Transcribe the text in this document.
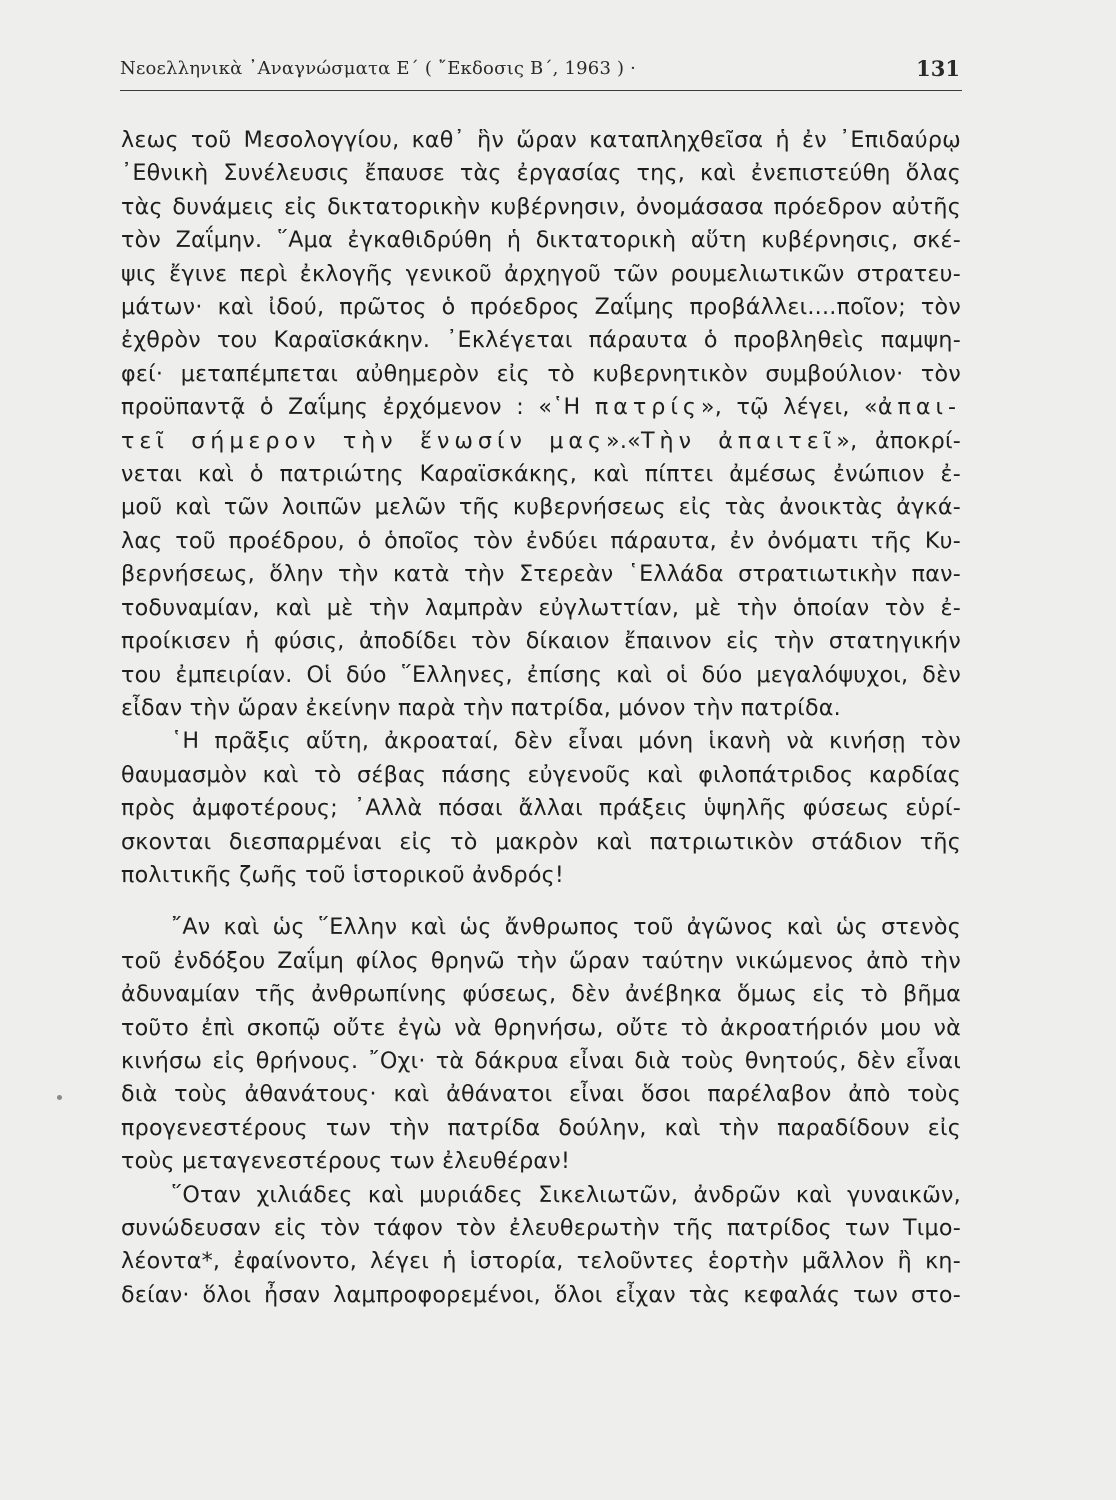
Νεοελληνικὰ ᾽Αναγνώσματα Ε´ ( ῎Εκδοσις Β´, 1963 ) ·	131

λεως τοῦ Μεσολογγίου, καθ᾽ ἣν ὥραν καταπληχθεῖσα ἡ ἐν ᾽Επιδαύρῳ

᾽Εθνικὴ Συνέλευσις ἔπαυσε τὰς ἐργασίας της, καὶ ἐνεπιστεύθη ὅλας

τὰς δυνάμεις εἰς δικτατορικὴν κυβέρνησιν, ὀνομάσασα πρόεδρον αὐτῆς

τὸν Ζαΐμην. ῞Αμα ἐγκαθιδρύθη ἡ δικτατορικὴ αὕτη κυβέρνησις, σκέ-

ψις ἔγινε περὶ ἐκλογῆς γενικοῦ ἀρχηγοῦ τῶν ρουμελιωτικῶν στρατευ-

μάτων· καὶ ἰδού, πρῶτος ὁ πρόεδρος Ζαΐμης προβάλλει....ποῖον; τὸν

ἐχθρὸν του Καραϊσκάκην. ᾽Εκλέγεται πάραυτα ὁ προβληθεὶς παμψη-

φεί· μεταπέμπεται αὐθημερὸν εἰς τὸ κυβερνητικὸν συμβούλιον· τὸν

προϋπαντᾷ ὁ Ζαΐμης ἐρχόμενον : «῾Η πατρίς», τῷ λέγει, «ἀπαι-

τεῖ σήμερον τὴν ἕνωσίν μας».«Τὴν ἀπαιτεῖ», ἀποκρί-

νεται καὶ ὁ πατριώτης Καραϊσκάκης, καὶ πίπτει ἀμέσως ἐνώπιον ἐ-

μοῦ καὶ τῶν λοιπῶν μελῶν τῆς κυβερνήσεως εἰς τὰς ἀνοικτὰς ἀγκά-

λας τοῦ προέδρου, ὁ ὁποῖος τὸν ἐνδύει πάραυτα, ἐν ὀνόματι τῆς Κυ-

βερνήσεως, ὅλην τὴν κατὰ τὴν Στερεὰν ῾Ελλάδα στρατιωτικὴν παν-

τοδυναμίαν, καὶ μὲ τὴν λαμπρὰν εὐγλωττίαν, μὲ τὴν ὁποίαν τὸν ἐ-

προίκισεν ἡ φύσις, ἀποδίδει τὸν δίκαιον ἔπαινον εἰς τὴν στατηγικήν

του ἐμπειρίαν. Οἱ δύο ῞Ελληνες, ἐπίσης καὶ οἱ δύο μεγαλόψυχοι, δὲν

εἶδαν τὴν ὥραν ἐκείνην παρὰ τὴν πατρίδα, μόνον τὴν πατρίδα.

῾Η πρᾶξις αὕτη, ἀκροαταί, δὲν εἶναι μόνη ἱκανὴ νὰ κινήσῃ τὸν

θαυμασμὸν καὶ τὸ σέβας πάσης εὐγενοῦς καὶ φιλοπάτριδος καρδίας

πρὸς ἀμφοτέρους; ᾽Αλλὰ πόσαι ἄλλαι πράξεις ὑψηλῆς φύσεως εὑρί-

σκονται διεσπαρμέναι εἰς τὸ μακρὸν καὶ πατριωτικὸν στάδιον τῆς

πολιτικῆς ζωῆς τοῦ ἱστορικοῦ ἀνδρός!

῎Αν καὶ ὡς ῞Ελλην καὶ ὡς ἄνθρωπος τοῦ ἀγῶνος καὶ ὡς στενὸς

τοῦ ἐνδόξου Ζαΐμη φίλος θρηνῶ τὴν ὥραν ταύτην νικώμενος ἀπὸ τὴν

ἀδυναμίαν τῆς ἀνθρωπίνης φύσεως, δὲν ἀνέβηκα ὅμως εἰς τὸ βῆμα

τοῦτο ἐπὶ σκοπῷ οὔτε ἐγὼ νὰ θρηνήσω, οὔτε τὸ ἀκροατήριόν μου νὰ

κινήσω εἰς θρήνους. ῎Οχι· τὰ δάκρυα εἶναι διὰ τοὺς θνητούς, δὲν εἶναι

διὰ τοὺς ἀθανάτους· καὶ ἀθάνατοι εἶναι ὅσοι παρέλαβον ἀπὸ τοὺς

προγενεστέρους των τὴν πατρίδα δούλην, καὶ τὴν παραδίδουν εἰς

τοὺς μεταγενεστέρους των ἐλευθέραν!

῞Οταν χιλιάδες καὶ μυριάδες Σικελιωτῶν, ἀνδρῶν καὶ γυναικῶν,

συνώδευσαν εἰς τὸν τάφον τὸν ἐλευθερωτὴν τῆς πατρίδος των Τιμο-

λέοντα*, ἐφαίνοντο, λέγει ἡ ἱστορία, τελοῦντες ἑορτὴν μᾶλλον ἢ κη-

δείαν· ὅλοι ἦσαν λαμπροφορεμένοι, ὅλοι εἶχαν τὰς κεφαλάς των στο-
